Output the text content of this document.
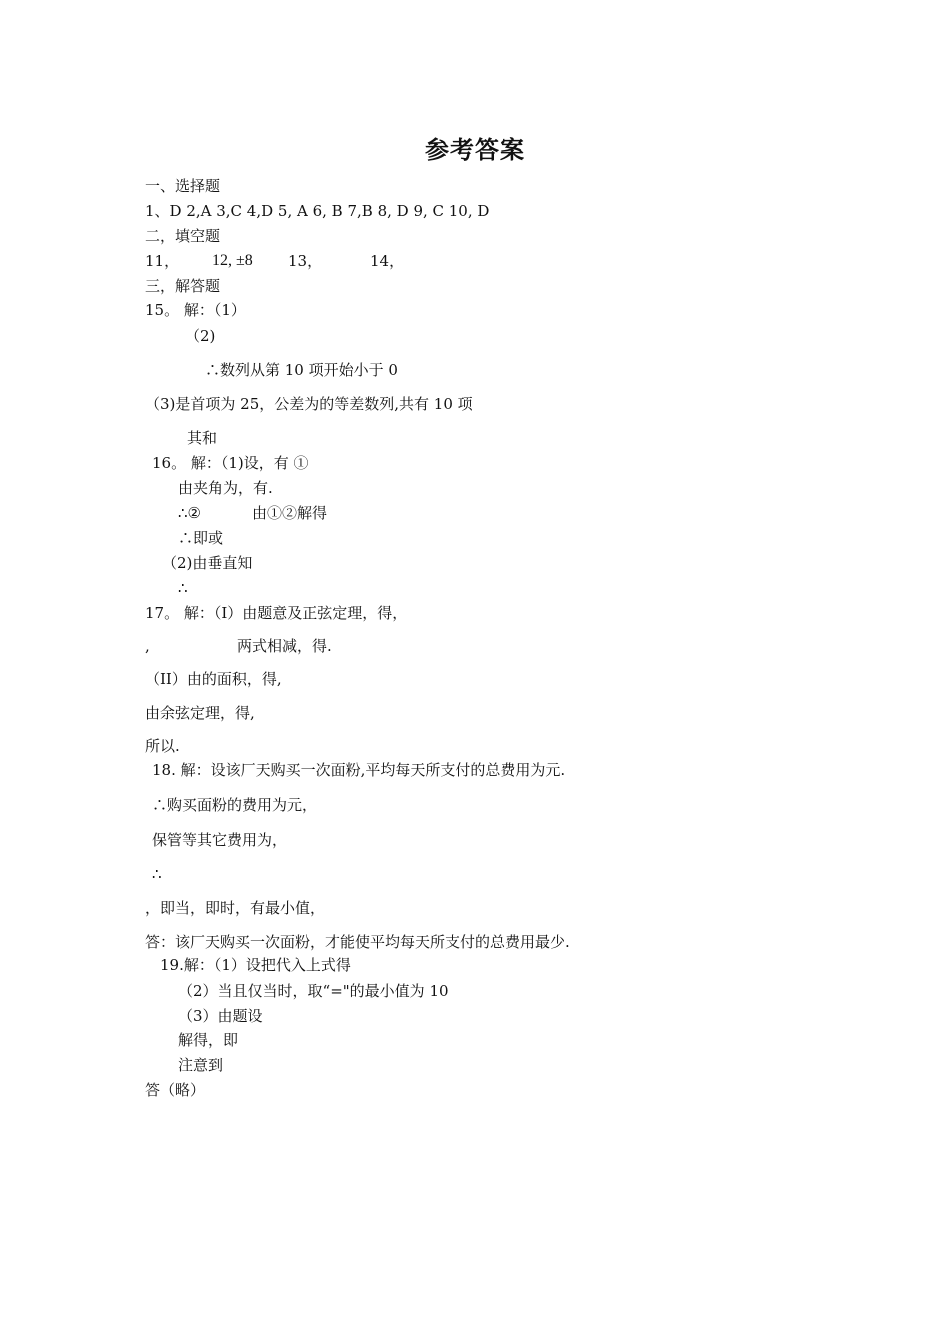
参考答案
一、选择题
1、D 2,A 3,C 4,D 5, A 6, B 7,B 8, D 9, C 10, D
二，填空题
11， 12, ±8 13，	14，
三，解答题
15。 解：（1）
（2)
∴数列从第 10 项开始小于 0
（3)是首项为 25，公差为的等差数列,共有 10 项
其和
16。 解：（1)设，有 ①
由夹角为，有.
∴②	由①②解得
∴即或
（2)由垂直知
∴
17。 解：（I）由题意及正弦定理，得，
,	两式相减，得.
（II）由的面积，得,
由余弦定理，得,
所以.
18. 解：设该厂天购买一次面粉,平均每天所支付的总费用为元.
∴购买面粉的费用为元，
保管等其它费用为，
∴
，即当，即时，有最小值，
答：该厂天购买一次面粉，才能使平均每天所支付的总费用最少.
19.解：（1）设把代入上式得
（2）当且仅当时，取“="的最小值为 10
（3）由题设
解得，即
注意到
答（略）
